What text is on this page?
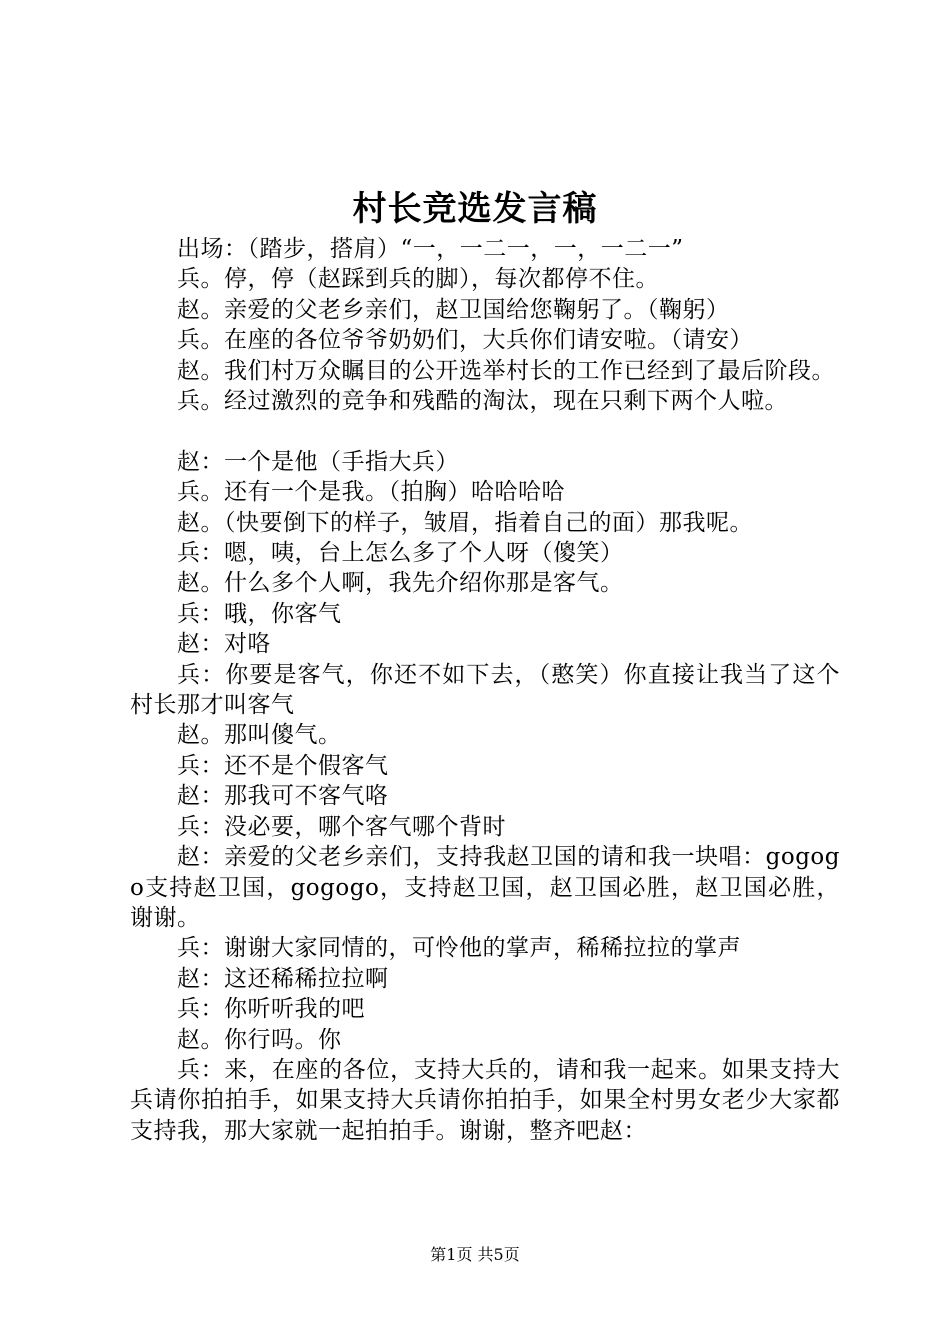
村长竞选发言稿

出场：（踏步，搭肩）“一，一二一，一，一二一”

兵。停，停（赵踩到兵的脚），每次都停不住。

赵。亲爱的父老乡亲们，赵卫国给您鞠躬了。（鞠躬）

兵。在座的各位爷爷奶奶们，大兵你们请安啦。（请安）

赵。我们村万众瞩目的公开选举村长的工作已经到了最后阶段。

兵。经过激烈的竞争和残酷的淘汰，现在只剩下两个人啦。

赵：一个是他（手指大兵）

兵。还有一个是我。（拍胸）哈哈哈哈

赵。（快要倒下的样子，皱眉，指着自己的面）那我呢。

兵：嗯，咦，台上怎么多了个人呀（傻笑）

赵。什么多个人啊，我先介绍你那是客气。

兵：哦，你客气

赵：对咯

兵：你要是客气，你还不如下去，（憨笑）你直接让我当了这个村长那才叫客气

赵。那叫傻气。

兵：还不是个假客气

赵：那我可不客气咯

兵：没必要，哪个客气哪个背时

赵：亲爱的父老乡亲们，支持我赵卫国的请和我一块唱：gogogo支持赵卫国，gogogo，支持赵卫国，赵卫国必胜，赵卫国必胜，谢谢。

兵：谢谢大家同情的，可怜他的掌声，稀稀拉拉的掌声

赵：这还稀稀拉拉啊

兵：你听听我的吧

赵。你行吗。你

兵：来，在座的各位，支持大兵的，请和我一起来。如果支持大兵请你拍拍手，如果支持大兵请你拍拍手，如果全村男女老少大家都支持我，那大家就一起拍拍手。谢谢，整齐吧赵：

第1页 共5页
